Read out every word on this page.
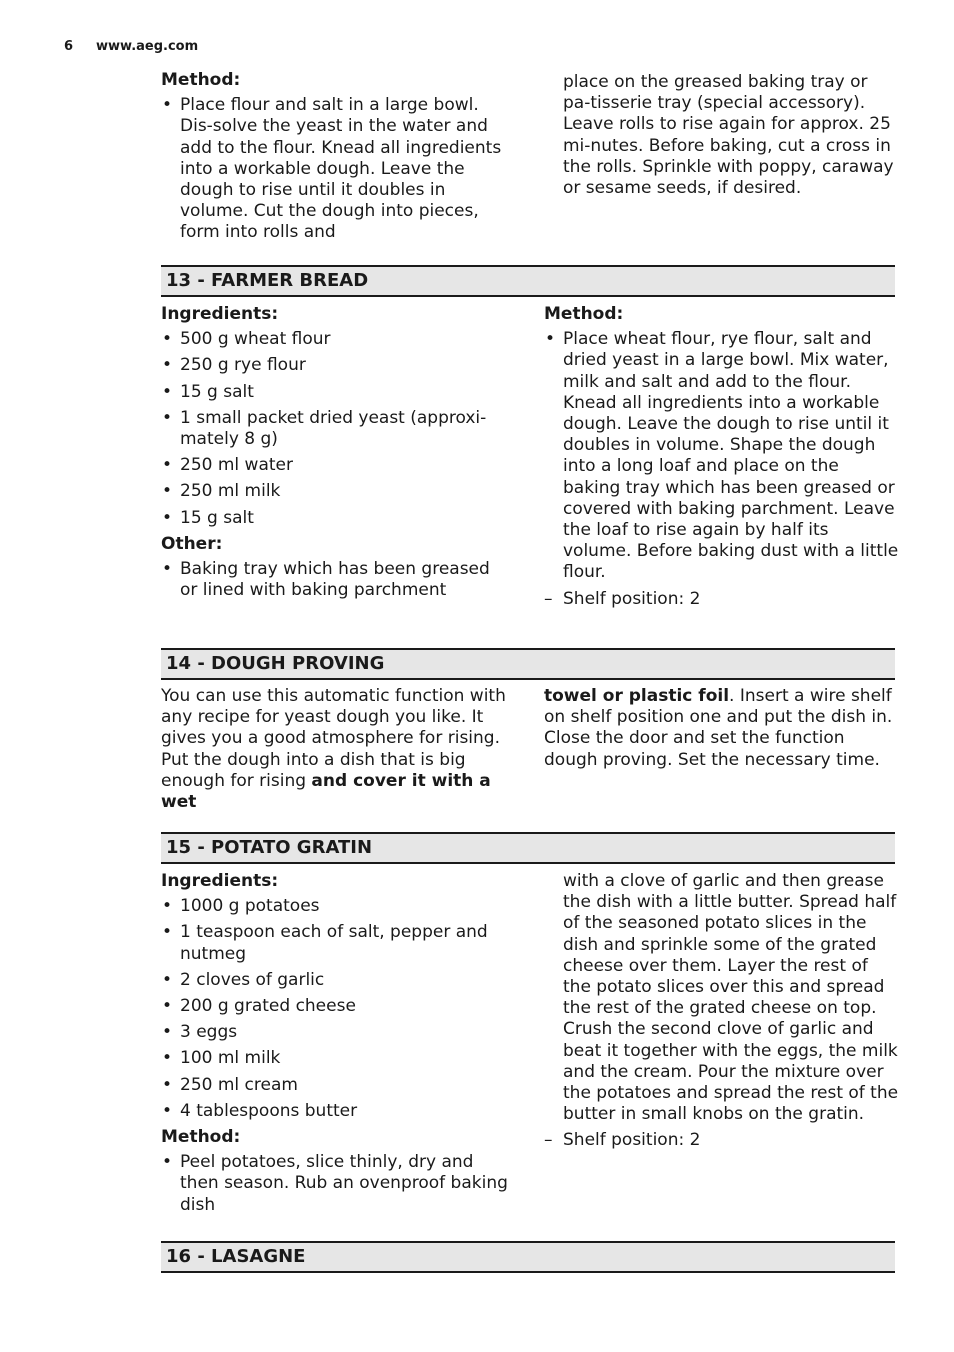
6 www.aeg.com
Method:
• Place flour and salt in a large bowl. Dis-solve the yeast in the water and add to the flour. Knead all ingredients into a workable dough. Leave the dough to rise until it doubles in volume. Cut the dough into pieces, form into rolls and
place on the greased baking tray or pa-tisserie tray (special accessory). Leave rolls to rise again for approx. 25 mi-nutes. Before baking, cut a cross in the rolls. Sprinkle with poppy, caraway or sesame seeds, if desired.
13 - FARMER BREAD
Ingredients:
• 500 g wheat flour
• 250 g rye flour
• 15 g salt
• 1 small packet dried yeast (approxi-mately 8 g)
• 250 ml water
• 250 ml milk
• 15 g salt
Other:
• Baking tray which has been greased or lined with baking parchment
Method:
• Place wheat flour, rye flour, salt and dried yeast in a large bowl. Mix water, milk and salt and add to the flour. Knead all ingredients into a workable dough. Leave the dough to rise until it doubles in volume. Shape the dough into a long loaf and place on the baking tray which has been greased or covered with baking parchment. Leave the loaf to rise again by half its volume. Before baking dust with a little flour.
– Shelf position: 2
14 - DOUGH PROVING

You can use this automatic function with any recipe for yeast dough you like. It gives you a good atmosphere for rising. Put the dough into a dish that is big enough for rising and cover it with a wet

towel or plastic foil. Insert a wire shelf on shelf position one and put the dish in. Close the door and set the function dough proving. Set the necessary time.

15 - POTATO GRATIN
Ingredients:
• 1000 g potatoes
• 1 teaspoon each of salt, pepper and nutmeg
• 2 cloves of garlic
• 200 g grated cheese
• 3 eggs
• 100 ml milk
• 250 ml cream
• 4 tablespoons butter
Method:
• Peel potatoes, slice thinly, dry and then season. Rub an ovenproof baking dish
with a clove of garlic and then grease the dish with a little butter. Spread half of the seasoned potato slices in the dish and sprinkle some of the grated cheese over them. Layer the rest of the potato slices over this and spread the rest of the grated cheese on top. Crush the second clove of garlic and beat it together with the eggs, the milk and the cream. Pour the mixture over the potatoes and spread the rest of the butter in small knobs on the gratin.
– Shelf position: 2
16 - LASAGNE
